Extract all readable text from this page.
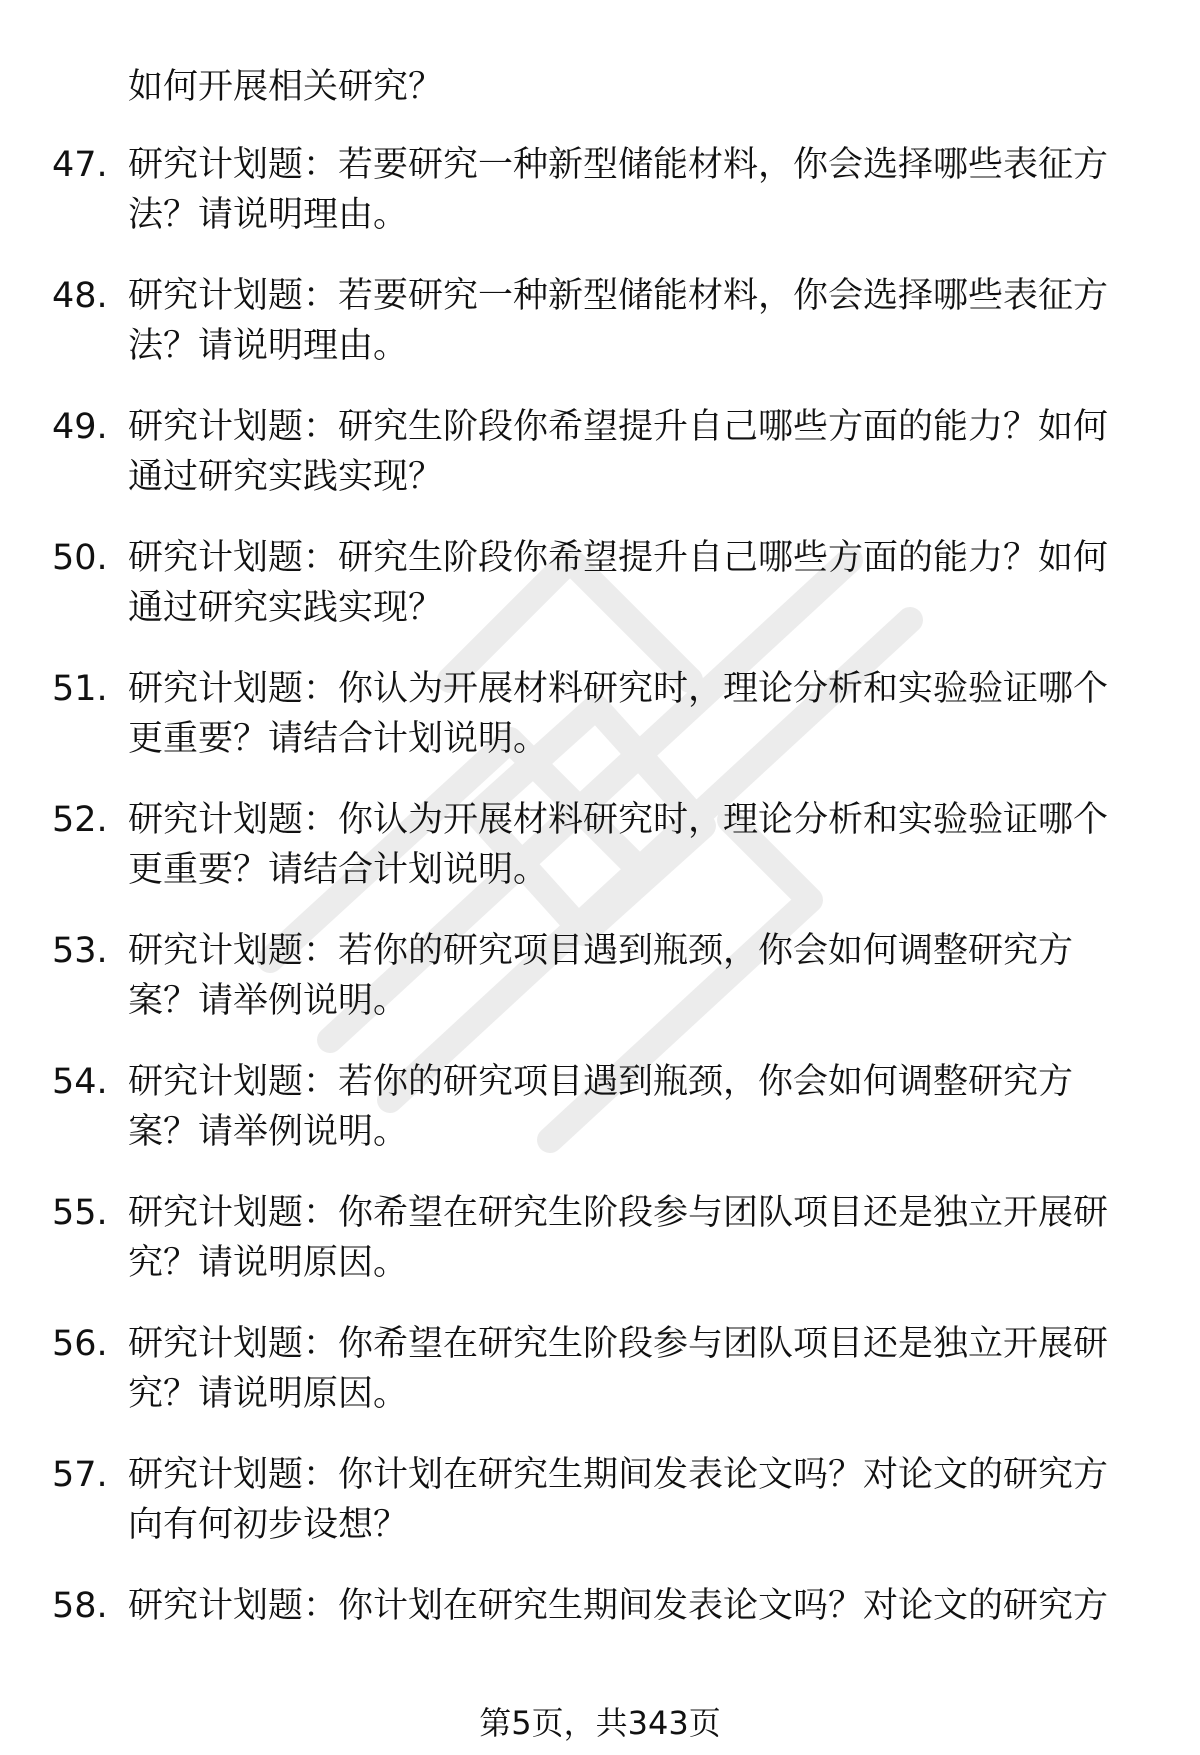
如何开展相关研究？

47. 研究计划题：若要研究一种新型储能材料，你会选择哪些表征方法？请说明理由。
48. 研究计划题：若要研究一种新型储能材料，你会选择哪些表征方法？请说明理由。
49. 研究计划题：研究生阶段你希望提升自己哪些方面的能力？如何通过研究实践实现？
50. 研究计划题：研究生阶段你希望提升自己哪些方面的能力？如何通过研究实践实现？
51. 研究计划题：你认为开展材料研究时，理论分析和实验验证哪个更重要？请结合计划说明。
52. 研究计划题：你认为开展材料研究时，理论分析和实验验证哪个更重要？请结合计划说明。
53. 研究计划题：若你的研究项目遇到瓶颈，你会如何调整研究方案？请举例说明。
54. 研究计划题：若你的研究项目遇到瓶颈，你会如何调整研究方案？请举例说明。
55. 研究计划题：你希望在研究生阶段参与团队项目还是独立开展研究？请说明原因。
56. 研究计划题：你希望在研究生阶段参与团队项目还是独立开展研究？请说明原因。
57. 研究计划题：你计划在研究生期间发表论文吗？对论文的研究方向有何初步设想？
58. 研究计划题：你计划在研究生期间发表论文吗？对论文的研究方
第5页，共343页
